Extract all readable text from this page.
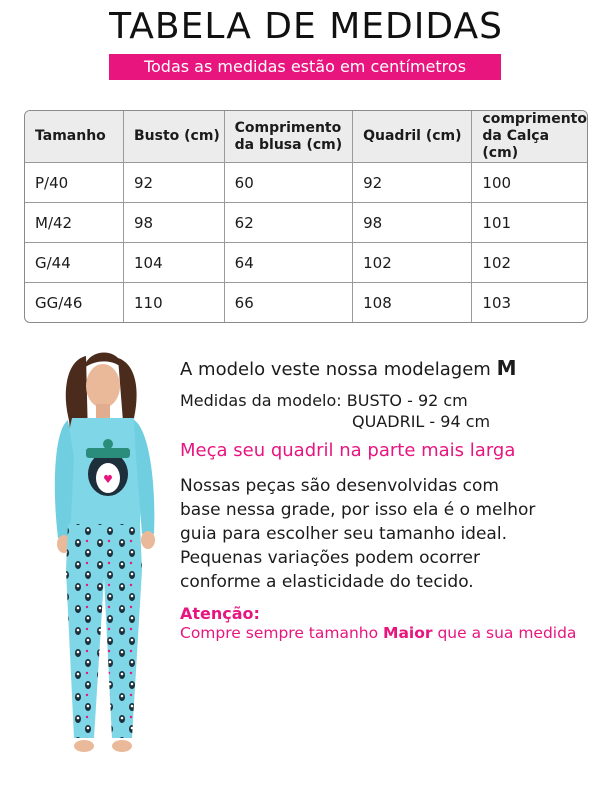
TABELA DE MEDIDAS
Todas as medidas estão em centímetros
Tamanho	Busto (cm)	Comprimento da blusa (cm)	Quadril (cm)	comprimento da Calça (cm)
P/40	92	60	92	100
M/42	98	62	98	101
G/44	104	64	102	102
GG/46	110	66	108	103
A modelo veste nossa modelagem M
Medidas da modelo: BUSTO - 92 cm
QUADRIL - 94 cm
Meça seu quadril na parte mais larga
Nossas peças são desenvolvidas com
base nessa grade, por isso ela é o melhor
guia para escolher seu tamanho ideal.
Pequenas variações podem ocorrer
conforme a elasticidade do tecido.
Atenção:
Compre sempre tamanho Maior que a sua medida
